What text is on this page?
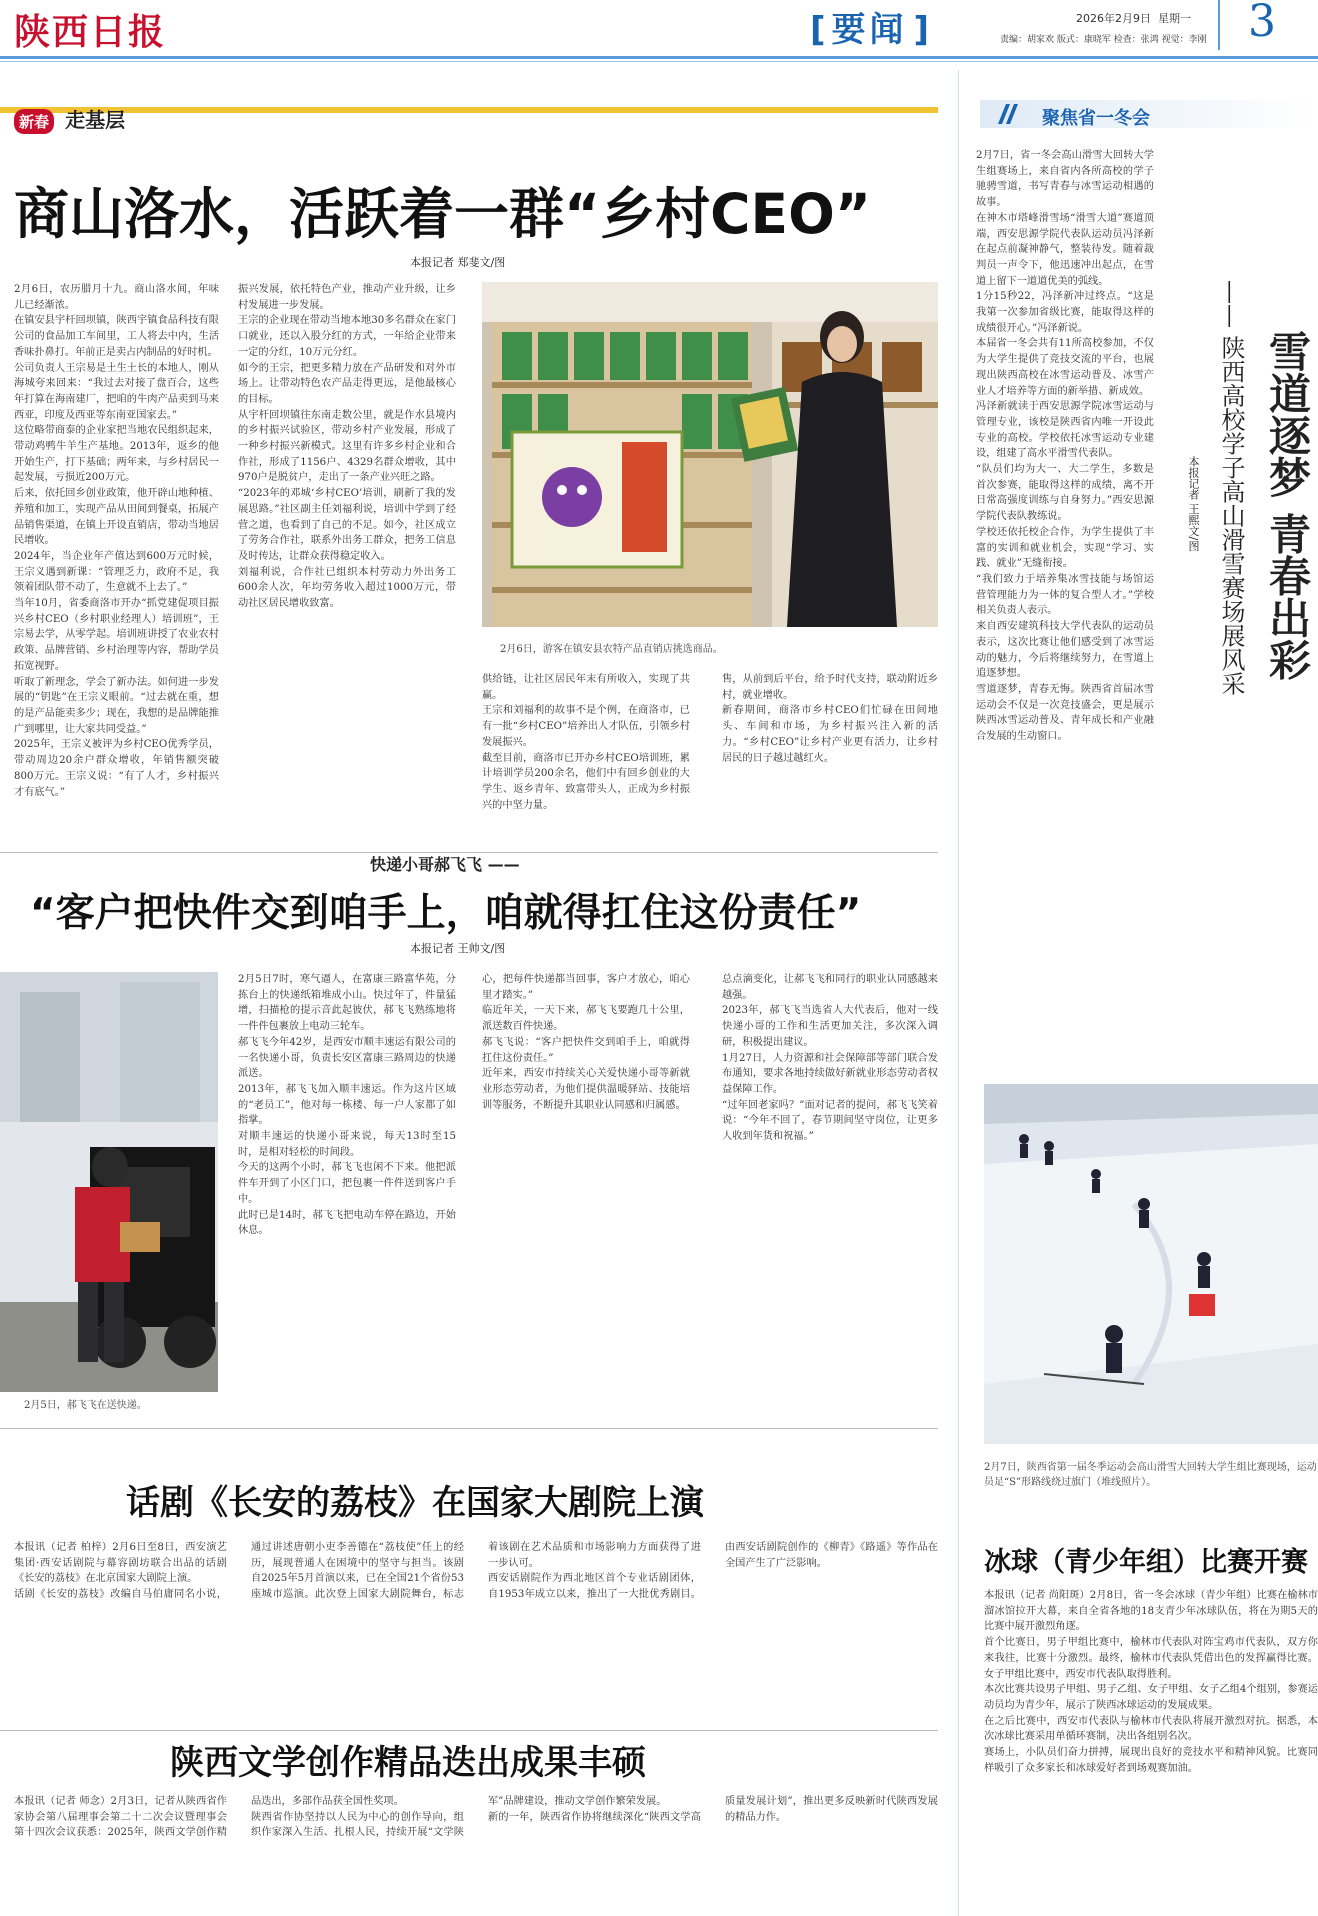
陕西日报	[ 要闻 ]	2026年2月9日 星期一
责编：胡家欢 版式：康晓军 检查：张鸿 视觉：李刚 3
新春 走基层
商山洛水，活跃着一群“乡村CEO”
本报记者 郑斐文/图
2月6日，农历腊月十九。商山洛水间，年味儿已经渐浓。
在镇安县宇杆回坝镇，陕西宇镇食品科技有限公司的食品加工车间里，工人将去中内，生活香味扑鼻打。年前正是卖占内制品的好时机。
公司负责人王宗易是土生土长的本地人，刚从海城夸来回来：“我过去对接了盘百合，这些年打算在海南建厂，把咱的牛肉产品卖到马来西亚，印度及西亚等东南亚国家去。”
这位略带商泰的企业家把当地农民组织起来，带动鸡鸭牛羊生产基地。2013年，返乡的他开始生产，打下基础；两年来，与乡村居民一起发展，亏损近200万元。
后来，依托回乡创业政策，他开辟山地种植、养殖和加工，实现产品从田间到餐桌，拓展产品销售渠道，在镇上开设直销店，带动当地居民增收。
2024年，当企业年产值达到600万元时候，王宗义遇到新课：“管理乏力，政府不足，我领着团队带不动了，生意就不上去了。”
当年10月，省委商洛市开办“抓党建促项目振兴乡村CEO（乡村职业经理人）培训班”，王宗易去学，从零学起。培训班讲授了农业农村政策、品牌营销、乡村治理等内容，帮助学员拓宽视野。
听取了新理念，学会了新办法。如何进一步发展的“钥匙”在王宗义眼前。“过去就在重，想的是产品能卖多少；现在，我想的是品牌能推广到哪里，让大家共同受益。”
2025年，王宗义被评为乡村CEO优秀学员，带动周边20余户群众增收，年销售额突破800万元。王宗义说：“有了人才，乡村振兴才有底气。”
振兴发展，依托特色产业，推动产业升级，让乡村发展进一步发展。
王宗的企业现在带动当地本地30多名群众在家门口就业，还以入股分红的方式，一年给企业带来一定的分红，10万元分红。
如今的王宗，把更多精力放在产品研发和对外市场上。让带动特色农产品走得更远，是他最核心的目标。
从宇杆回坝镇往东南走数公里，就是作水县境内的乡村振兴试验区，带动乡村产业发展，形成了一种乡村振兴新模式。这里有许多乡村企业和合作社，形成了1156户、4329名群众增收，其中970户是脱贫户，走出了一条产业兴旺之路。
“2023年的邓城‘乡村CEO’培训，刷新了我的发展思路。”社区副主任刘福利说，培训中学到了经营之道，也看到了自己的不足。如今，社区成立了劳务合作社，联系外出务工群众，把务工信息及时传达，让群众获得稳定收入。
刘福利说，合作社已组织本村劳动力外出务工600余人次，年均劳务收入超过1000万元，带动社区居民增收致富。
供给链，让社区居民年末有所收入，实现了共赢。
王宗和刘福利的故事不是个例，在商洛市，已有一批“乡村CEO”培养出人才队伍，引领乡村发展振兴。
截至目前，商洛市已开办乡村CEO培训班，累计培训学员200余名，他们中有回乡创业的大学生、返乡青年、致富带头人，正成为乡村振兴的中坚力量。
售，从前到后平台，给予时代支持，联动附近乡村，就业增收。
新春期间，商洛市乡村CEO们忙碌在田间地头、车间和市场，为乡村振兴注入新的活力。“乡村CEO”让乡村产业更有活力，让乡村居民的日子越过越红火。
2月6日，游客在镇安县农特产品直销店挑选商品。
快递小哥郝飞飞 ——
“客户把快件交到咱手上，咱就得扛住这份责任”
本报记者 王帅文/图
2月5日，郝飞飞在送快递。
2月5日7时，寒气逼人，在富康三路富华苑，分拣台上的快递纸箱堆成小山。快过年了，件量猛增，扫描枪的提示音此起彼伏，郝飞飞熟练地将一件件包裹放上电动三轮车。
郝飞飞今年42岁，是西安市顺丰速运有限公司的一名快递小哥，负责长安区富康三路周边的快递派送。
2013年，郝飞飞加入顺丰速运。作为这片区域的“老员工”，他对每一栋楼、每一户人家都了如指掌。
对顺丰速运的快递小哥来说，每天13时至15时，是相对轻松的时间段。
今天的这两个小时，郝飞飞也闲不下来。他把派件车开到了小区门口，把包裹一件件送到客户手中。
此时已是14时，郝飞飞把电动车停在路边，开始休息。
心，把每件快递都当回事，客户才放心，咱心里才踏实。”
临近年关，一天下来，郝飞飞要跑几十公里，派送数百件快递。
郝飞飞说：“客户把快件交到咱手上，咱就得扛住这份责任。”
近年来，西安市持续关心关爱快递小哥等新就业形态劳动者，为他们提供温暖驿站、技能培训等服务，不断提升其职业认同感和归属感。
总点滴变化，让郝飞飞和同行的职业认同感越来越强。
2023年，郝飞飞当选省人大代表后，他对一线快递小哥的工作和生活更加关注，多次深入调研，积极提出建议。
1月27日，人力资源和社会保障部等部门联合发布通知，要求各地持续做好新就业形态劳动者权益保障工作。
“过年回老家吗？”面对记者的提问，郝飞飞笑着说：“今年不回了，春节期间坚守岗位，让更多人收到年货和祝福。”
话剧《长安的荔枝》在国家大剧院上演
本报讯（记者 柏梓）2月6日至8日，西安演艺集团·西安话剧院与幕容剧坊联合出品的话剧《长安的荔枝》在北京国家大剧院上演。
话剧《长安的荔枝》改编自马伯庸同名小说，通过讲述唐朝小吏李善德在“荔枝使”任上的经历，展现普通人在困境中的坚守与担当。该剧自2025年5月首演以来，已在全国21个省份53座城市巡演。此次登上国家大剧院舞台，标志着该剧在艺术品质和市场影响力方面获得了进一步认可。
西安话剧院作为西北地区首个专业话剧团体，自1953年成立以来，推出了一大批优秀剧目。由西安话剧院创作的《柳青》《路遥》等作品在全国产生了广泛影响。
陕西文学创作精品迭出成果丰硕
本报讯（记者 师念）2月3日，记者从陕西省作家协会第八届理事会第二十二次会议暨理事会第十四次会议获悉：2025年，陕西文学创作精品迭出，多部作品获全国性奖项。
陕西省作协坚持以人民为中心的创作导向，组织作家深入生活、扎根人民，持续开展“文学陕军”品牌建设，推动文学创作繁荣发展。
新的一年，陕西省作协将继续深化“陕西文学高质量发展计划”，推出更多反映新时代陕西发展的精品力作。
聚焦省一冬会
2月7日，省一冬会高山滑雪大回转大学生组赛场上，来自省内各所高校的学子驰骋雪道，书写青春与冰雪运动相遇的故事。
在神木市塔峰滑雪场“滑雪大道”赛道顶端，西安思源学院代表队运动员冯泽新在起点前凝神静气，整装待发。随着裁判员一声令下，他迅速冲出起点，在雪道上留下一道道优美的弧线。
1分15秒22，冯泽新冲过终点。“这是我第一次参加省级比赛，能取得这样的成绩很开心。”冯泽新说。
本届省一冬会共有11所高校参加，不仅为大学生提供了竞技交流的平台，也展现出陕西高校在冰雪运动普及、冰雪产业人才培养等方面的新举措、新成效。
冯泽新就读于西安思源学院冰雪运动与管理专业，该校是陕西省内唯一开设此专业的高校。学校依托冰雪运动专业建设，组建了高水平滑雪代表队。
“队员们均为大一、大二学生，多数是首次参赛，能取得这样的成绩，离不开日常高强度训练与自身努力。”西安思源学院代表队教练说。
学校还依托校企合作，为学生提供了丰富的实训和就业机会，实现“学习、实践、就业”无缝衔接。
“我们致力于培养集冰雪技能与场馆运营管理能力为一体的复合型人才。”学校相关负责人表示。
来自西安建筑科技大学代表队的运动员表示，这次比赛让他们感受到了冰雪运动的魅力，今后将继续努力，在雪道上追逐梦想。
雪道逐梦，青春无悔。陕西省首届冰雪运动会不仅是一次竞技盛会，更是展示陕西冰雪运动普及、青年成长和产业融合发展的生动窗口。
雪道逐梦 青春出彩
—— 陕西高校学子高山滑雪赛场展风采
本报记者 王熙文/图
2月7日，陕西省第一届冬季运动会高山滑雪大回转大学生组比赛现场，运动员足“S”形路线绕过旗门（堆线照片）。
冰球（青少年组）比赛开赛
本报讯（记者 尚阳斑）2月8日，省一冬会冰球（青少年组）比赛在榆林市溜冰馆拉开大幕，来自全省各地的18支青少年冰球队伍，将在为期5天的比赛中展开激烈角逐。
首个比赛日，男子甲组比赛中，榆林市代表队对阵宝鸡市代表队，双方你来我往，比赛十分激烈。最终，榆林市代表队凭借出色的发挥赢得比赛。女子甲组比赛中，西安市代表队取得胜利。
本次比赛共设男子甲组、男子乙组、女子甲组、女子乙组4个组别，参赛运动员均为青少年，展示了陕西冰球运动的发展成果。
在之后比赛中，西安市代表队与榆林市代表队将展开激烈对抗。据悉，本次冰球比赛采用单循环赛制，决出各组别名次。
赛场上，小队员们奋力拼搏，展现出良好的竞技水平和精神风貌。比赛同样吸引了众多家长和冰球爱好者到场观赛加油。
